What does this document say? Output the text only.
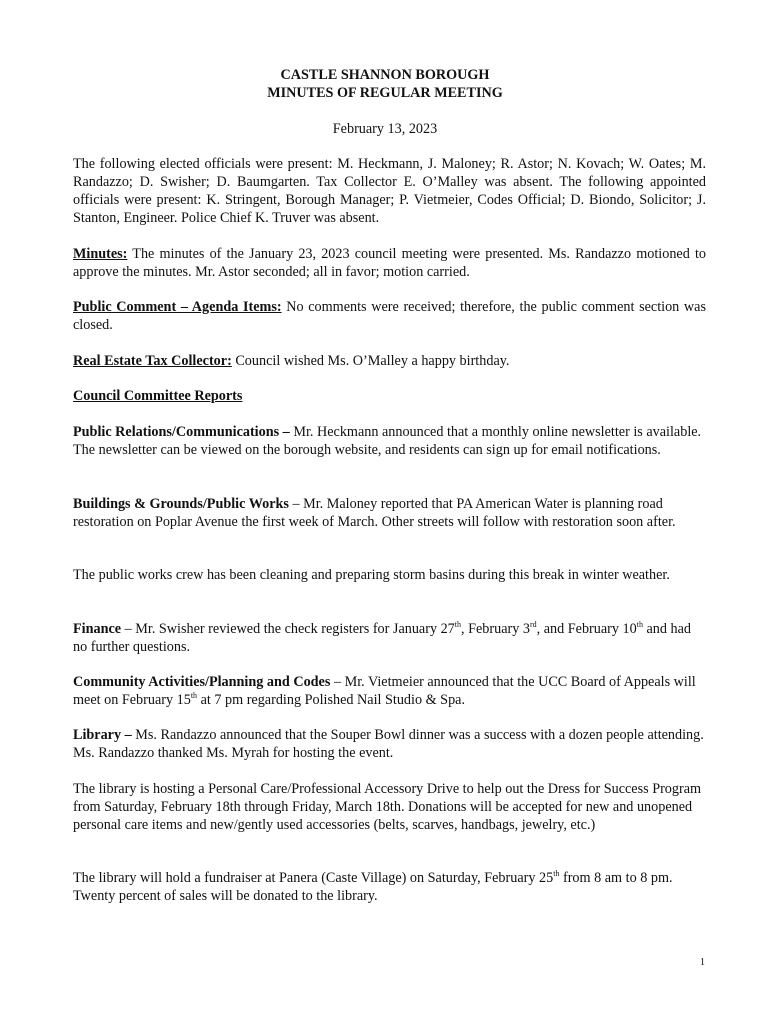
CASTLE SHANNON BOROUGH
MINUTES OF REGULAR MEETING
February 13, 2023

The following elected officials were present: M. Heckmann, J. Maloney; R. Astor; N. Kovach; W. Oates; M. Randazzo; D. Swisher; D. Baumgarten. Tax Collector E. O’Malley was absent. The following appointed officials were present: K. Stringent, Borough Manager; P. Vietmeier, Codes Official; D. Biondo, Solicitor; J. Stanton, Engineer. Police Chief K. Truver was absent.

Minutes: The minutes of the January 23, 2023 council meeting were presented. Ms. Randazzo motioned to approve the minutes. Mr. Astor seconded; all in favor; motion carried.

Public Comment – Agenda Items: No comments were received; therefore, the public comment section was closed.

Real Estate Tax Collector: Council wished Ms. O’Malley a happy birthday.

Council Committee Reports

Public Relations/Communications – Mr. Heckmann announced that a monthly online newsletter is available. The newsletter can be viewed on the borough website, and residents can sign up for email notifications.

Buildings & Grounds/Public Works – Mr. Maloney reported that PA American Water is planning road restoration on Poplar Avenue the first week of March. Other streets will follow with restoration soon after.

The public works crew has been cleaning and preparing storm basins during this break in winter weather.

Finance – Mr. Swisher reviewed the check registers for January 27th, February 3rd, and February 10th and had no further questions.

Community Activities/Planning and Codes – Mr. Vietmeier announced that the UCC Board of Appeals will meet on February 15th at 7 pm regarding Polished Nail Studio & Spa.

Library – Ms. Randazzo announced that the Souper Bowl dinner was a success with a dozen people attending. Ms. Randazzo thanked Ms. Myrah for hosting the event.

The library is hosting a Personal Care/Professional Accessory Drive to help out the Dress for Success Program from Saturday, February 18th through Friday, March 18th. Donations will be accepted for new and unopened personal care items and new/gently used accessories (belts, scarves, handbags, jewelry, etc.)

The library will hold a fundraiser at Panera (Caste Village) on Saturday, February 25th from 8 am to 8 pm. Twenty percent of sales will be donated to the library.

1
